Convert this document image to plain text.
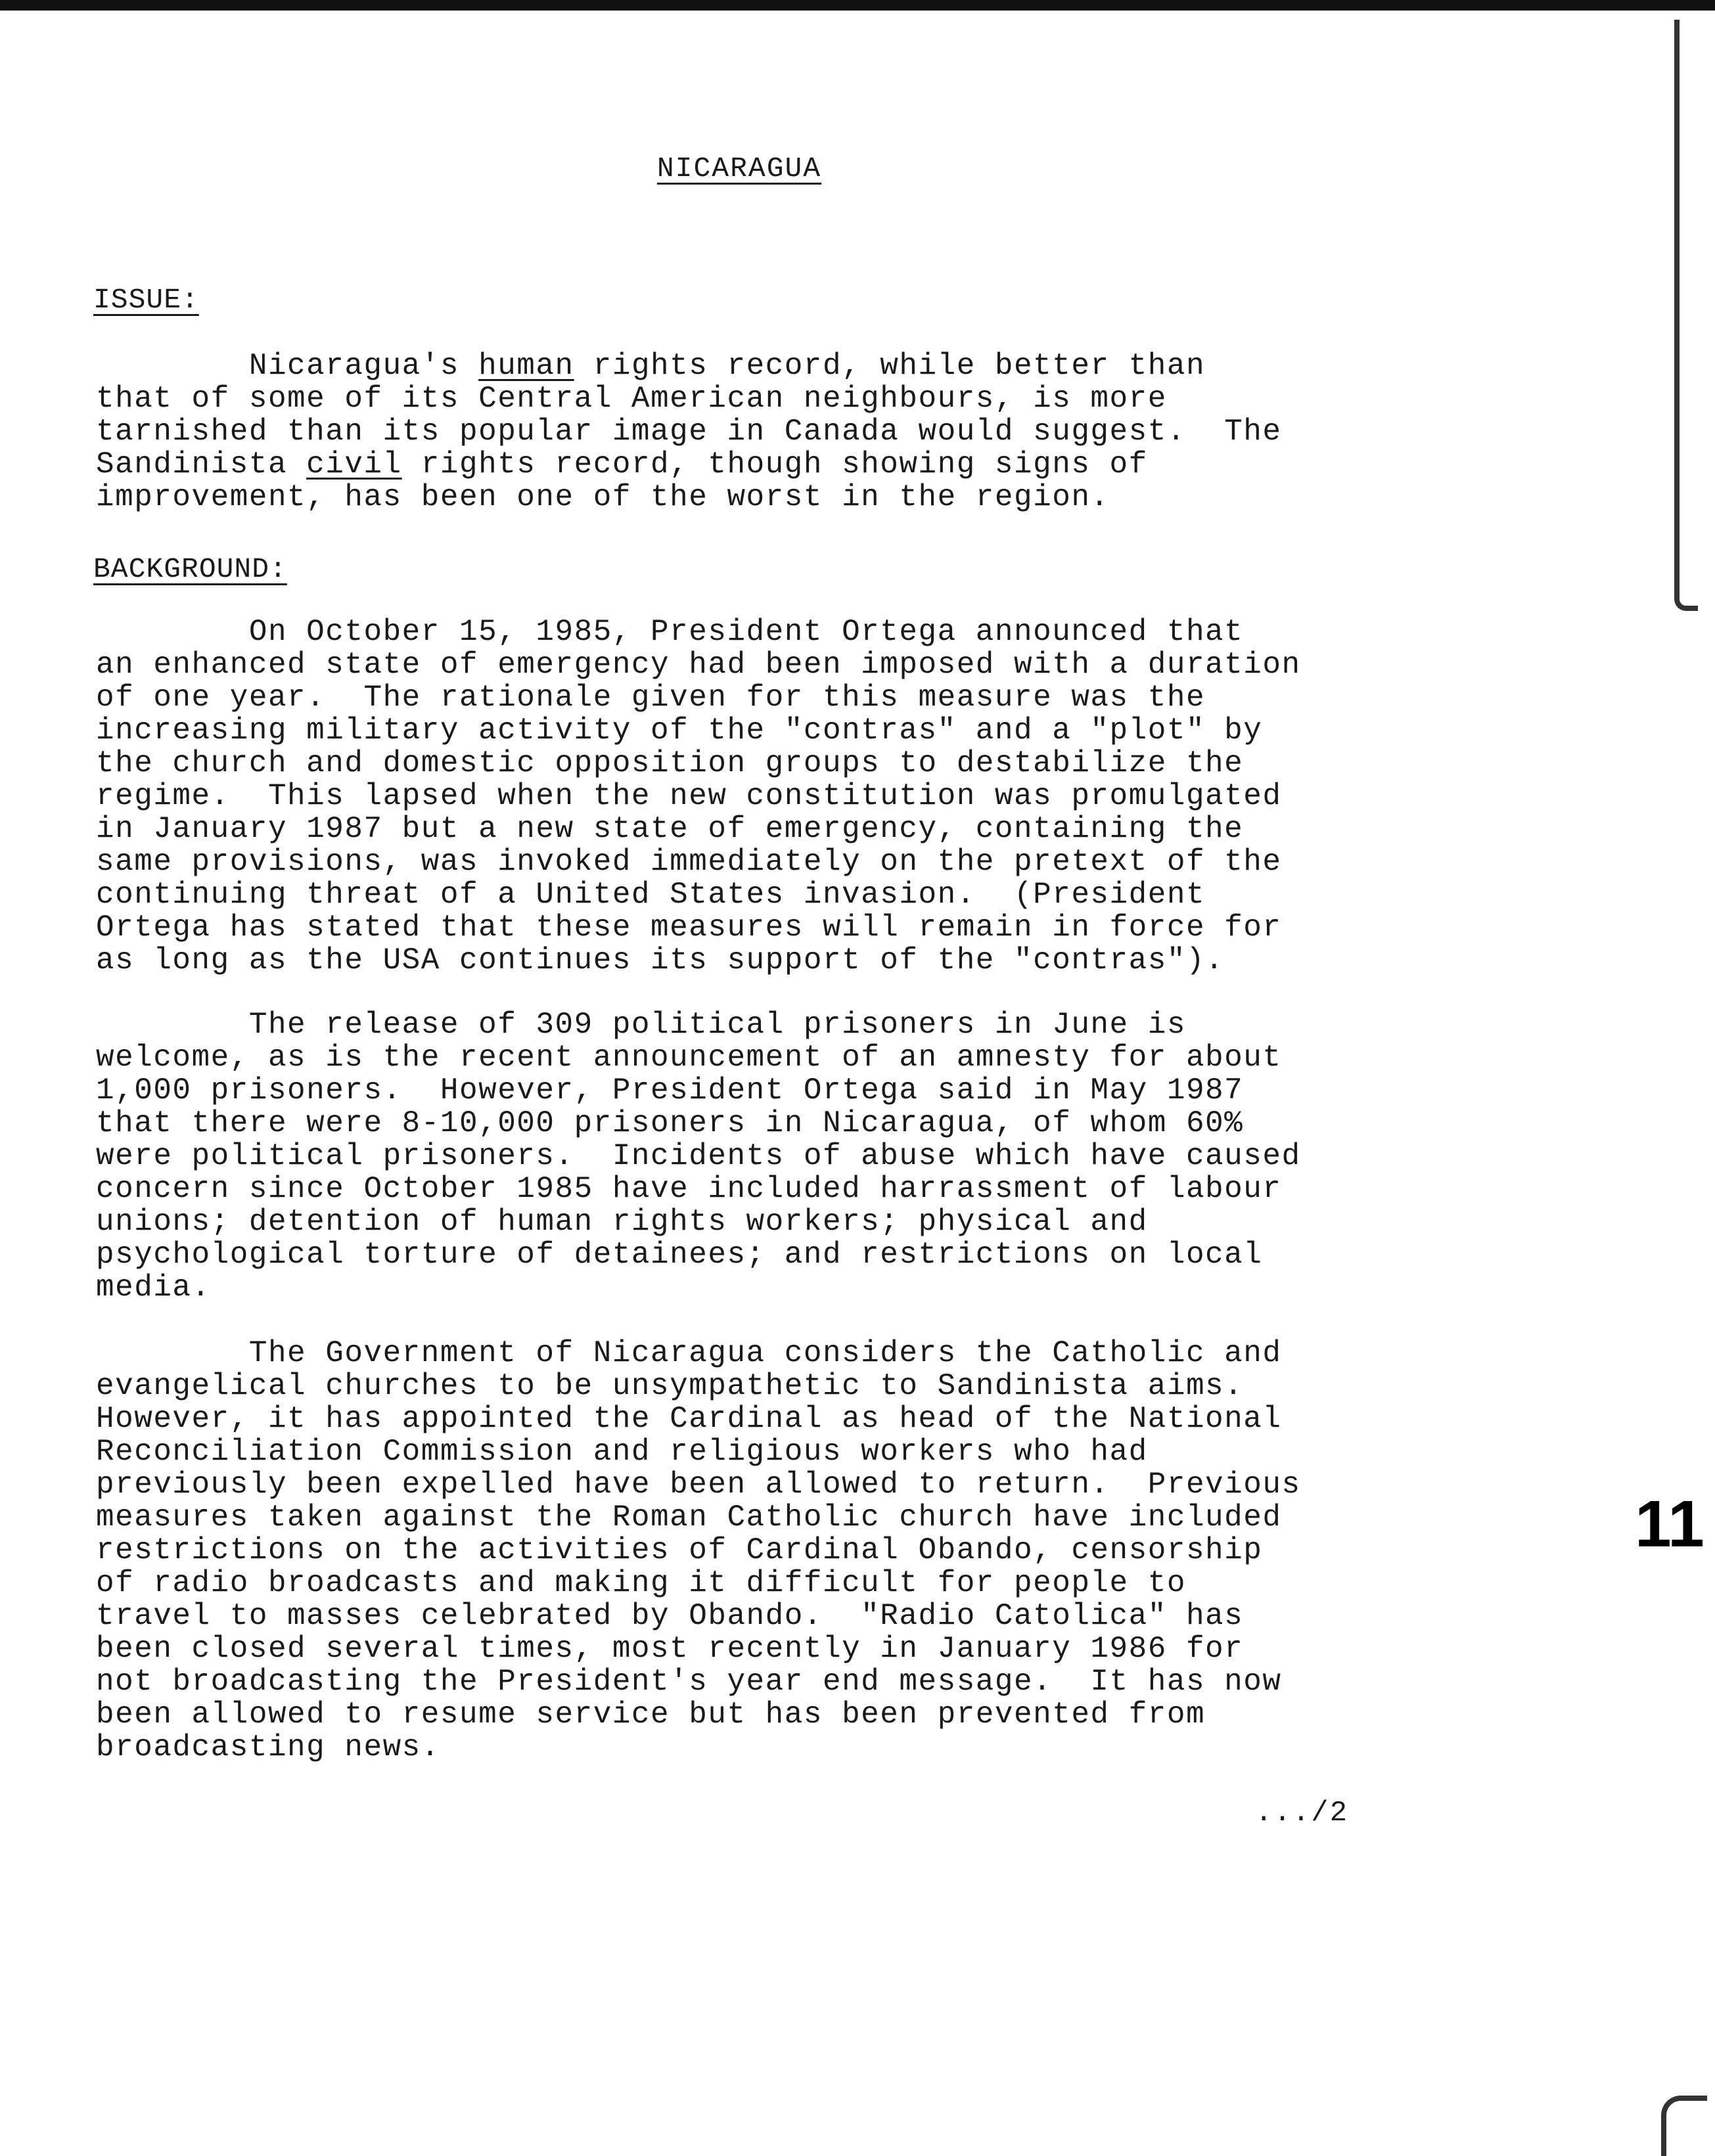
NICARAGUA
ISSUE:
Nicaragua's human rights record, while better than
that of some of its Central American neighbours, is more
tarnished than its popular image in Canada would suggest.  The
Sandinista civil rights record, though showing signs of
improvement, has been one of the worst in the region.
BACKGROUND:
On October 15, 1985, President Ortega announced that
an enhanced state of emergency had been imposed with a duration
of one year.  The rationale given for this measure was the
increasing military activity of the "contras" and a "plot" by
the church and domestic opposition groups to destabilize the
regime.  This lapsed when the new constitution was promulgated
in January 1987 but a new state of emergency, containing the
same provisions, was invoked immediately on the pretext of the
continuing threat of a United States invasion.  (President
Ortega has stated that these measures will remain in force for
as long as the USA continues its support of the "contras").
The release of 309 political prisoners in June is
welcome, as is the recent announcement of an amnesty for about
1,000 prisoners.  However, President Ortega said in May 1987
that there were 8-10,000 prisoners in Nicaragua, of whom 60%
were political prisoners.  Incidents of abuse which have caused
concern since October 1985 have included harrassment of labour
unions; detention of human rights workers; physical and
psychological torture of detainees; and restrictions on local
media.
The Government of Nicaragua considers the Catholic and
evangelical churches to be unsympathetic to Sandinista aims.
However, it has appointed the Cardinal as head of the National
Reconciliation Commission and religious workers who had
previously been expelled have been allowed to return.  Previous
measures taken against the Roman Catholic church have included
restrictions on the activities of Cardinal Obando, censorship
of radio broadcasts and making it difficult for people to
travel to masses celebrated by Obando.  "Radio Catolica" has
been closed several times, most recently in January 1986 for
not broadcasting the President's year end message.  It has now
been allowed to resume service but has been prevented from
broadcasting news.
.../2
11
